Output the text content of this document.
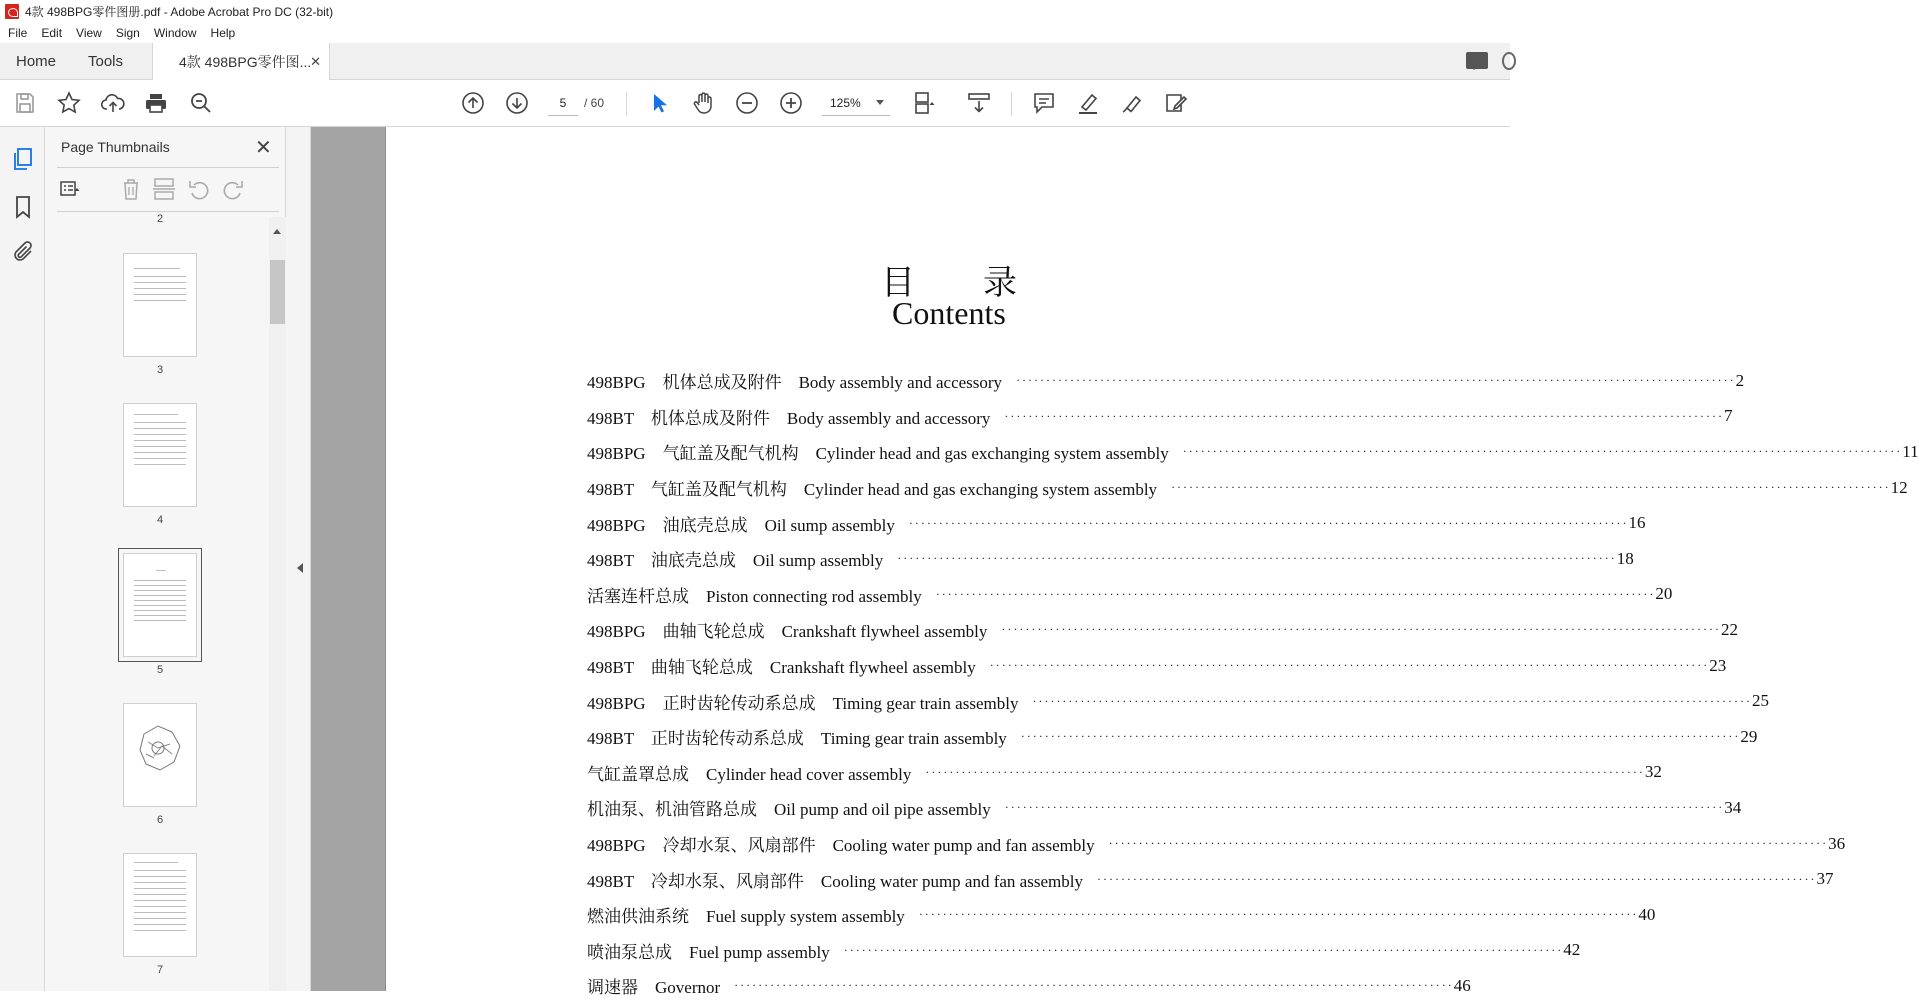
4款 498BPG零件图册.pdf - Adobe Acrobat Pro DC (32-bit)
File	Edit	View	Sign	Window	Help
Home Tools	4款 498BPG零件图...
✕
5	/ 60	125%
Page Thumbnails	✕
2
3
4
5
6
7
目录
Contents
498BPG　机体总成及附件　Body assembly and accessory	························································································································ 2
498BT　机体总成及附件　Body assembly and accessory	························································································································ 7
498BPG　气缸盖及配气机构　Cylinder head and gas exchanging system assembly	························································································································ 11
498BT　气缸盖及配气机构　Cylinder head and gas exchanging system assembly	························································································································ 12
498BPG　油底壳总成　Oil sump assembly	························································································································ 16
498BT　油底壳总成　Oil sump assembly	························································································································ 18
活塞连杆总成　Piston connecting rod assembly	························································································································ 20
498BPG　曲轴飞轮总成　Crankshaft flywheel assembly	························································································································ 22
498BT　曲轴飞轮总成　Crankshaft flywheel assembly	························································································································ 23
498BPG　正时齿轮传动系总成　Timing gear train assembly	························································································································ 25
498BT　正时齿轮传动系总成　Timing gear train assembly	························································································································ 29
气缸盖罩总成　Cylinder head cover assembly	························································································································ 32
机油泵、机油管路总成　Oil pump and oil pipe assembly	························································································································ 34
498BPG　冷却水泵、风扇部件　Cooling water pump and fan assembly	························································································································ 36
498BT　冷却水泵、风扇部件　Cooling water pump and fan assembly	························································································································ 37
燃油供油系统　Fuel supply system assembly	························································································································ 40
喷油泵总成　Fuel pump assembly	························································································································ 42
调速器　Governor	························································································································ 46
